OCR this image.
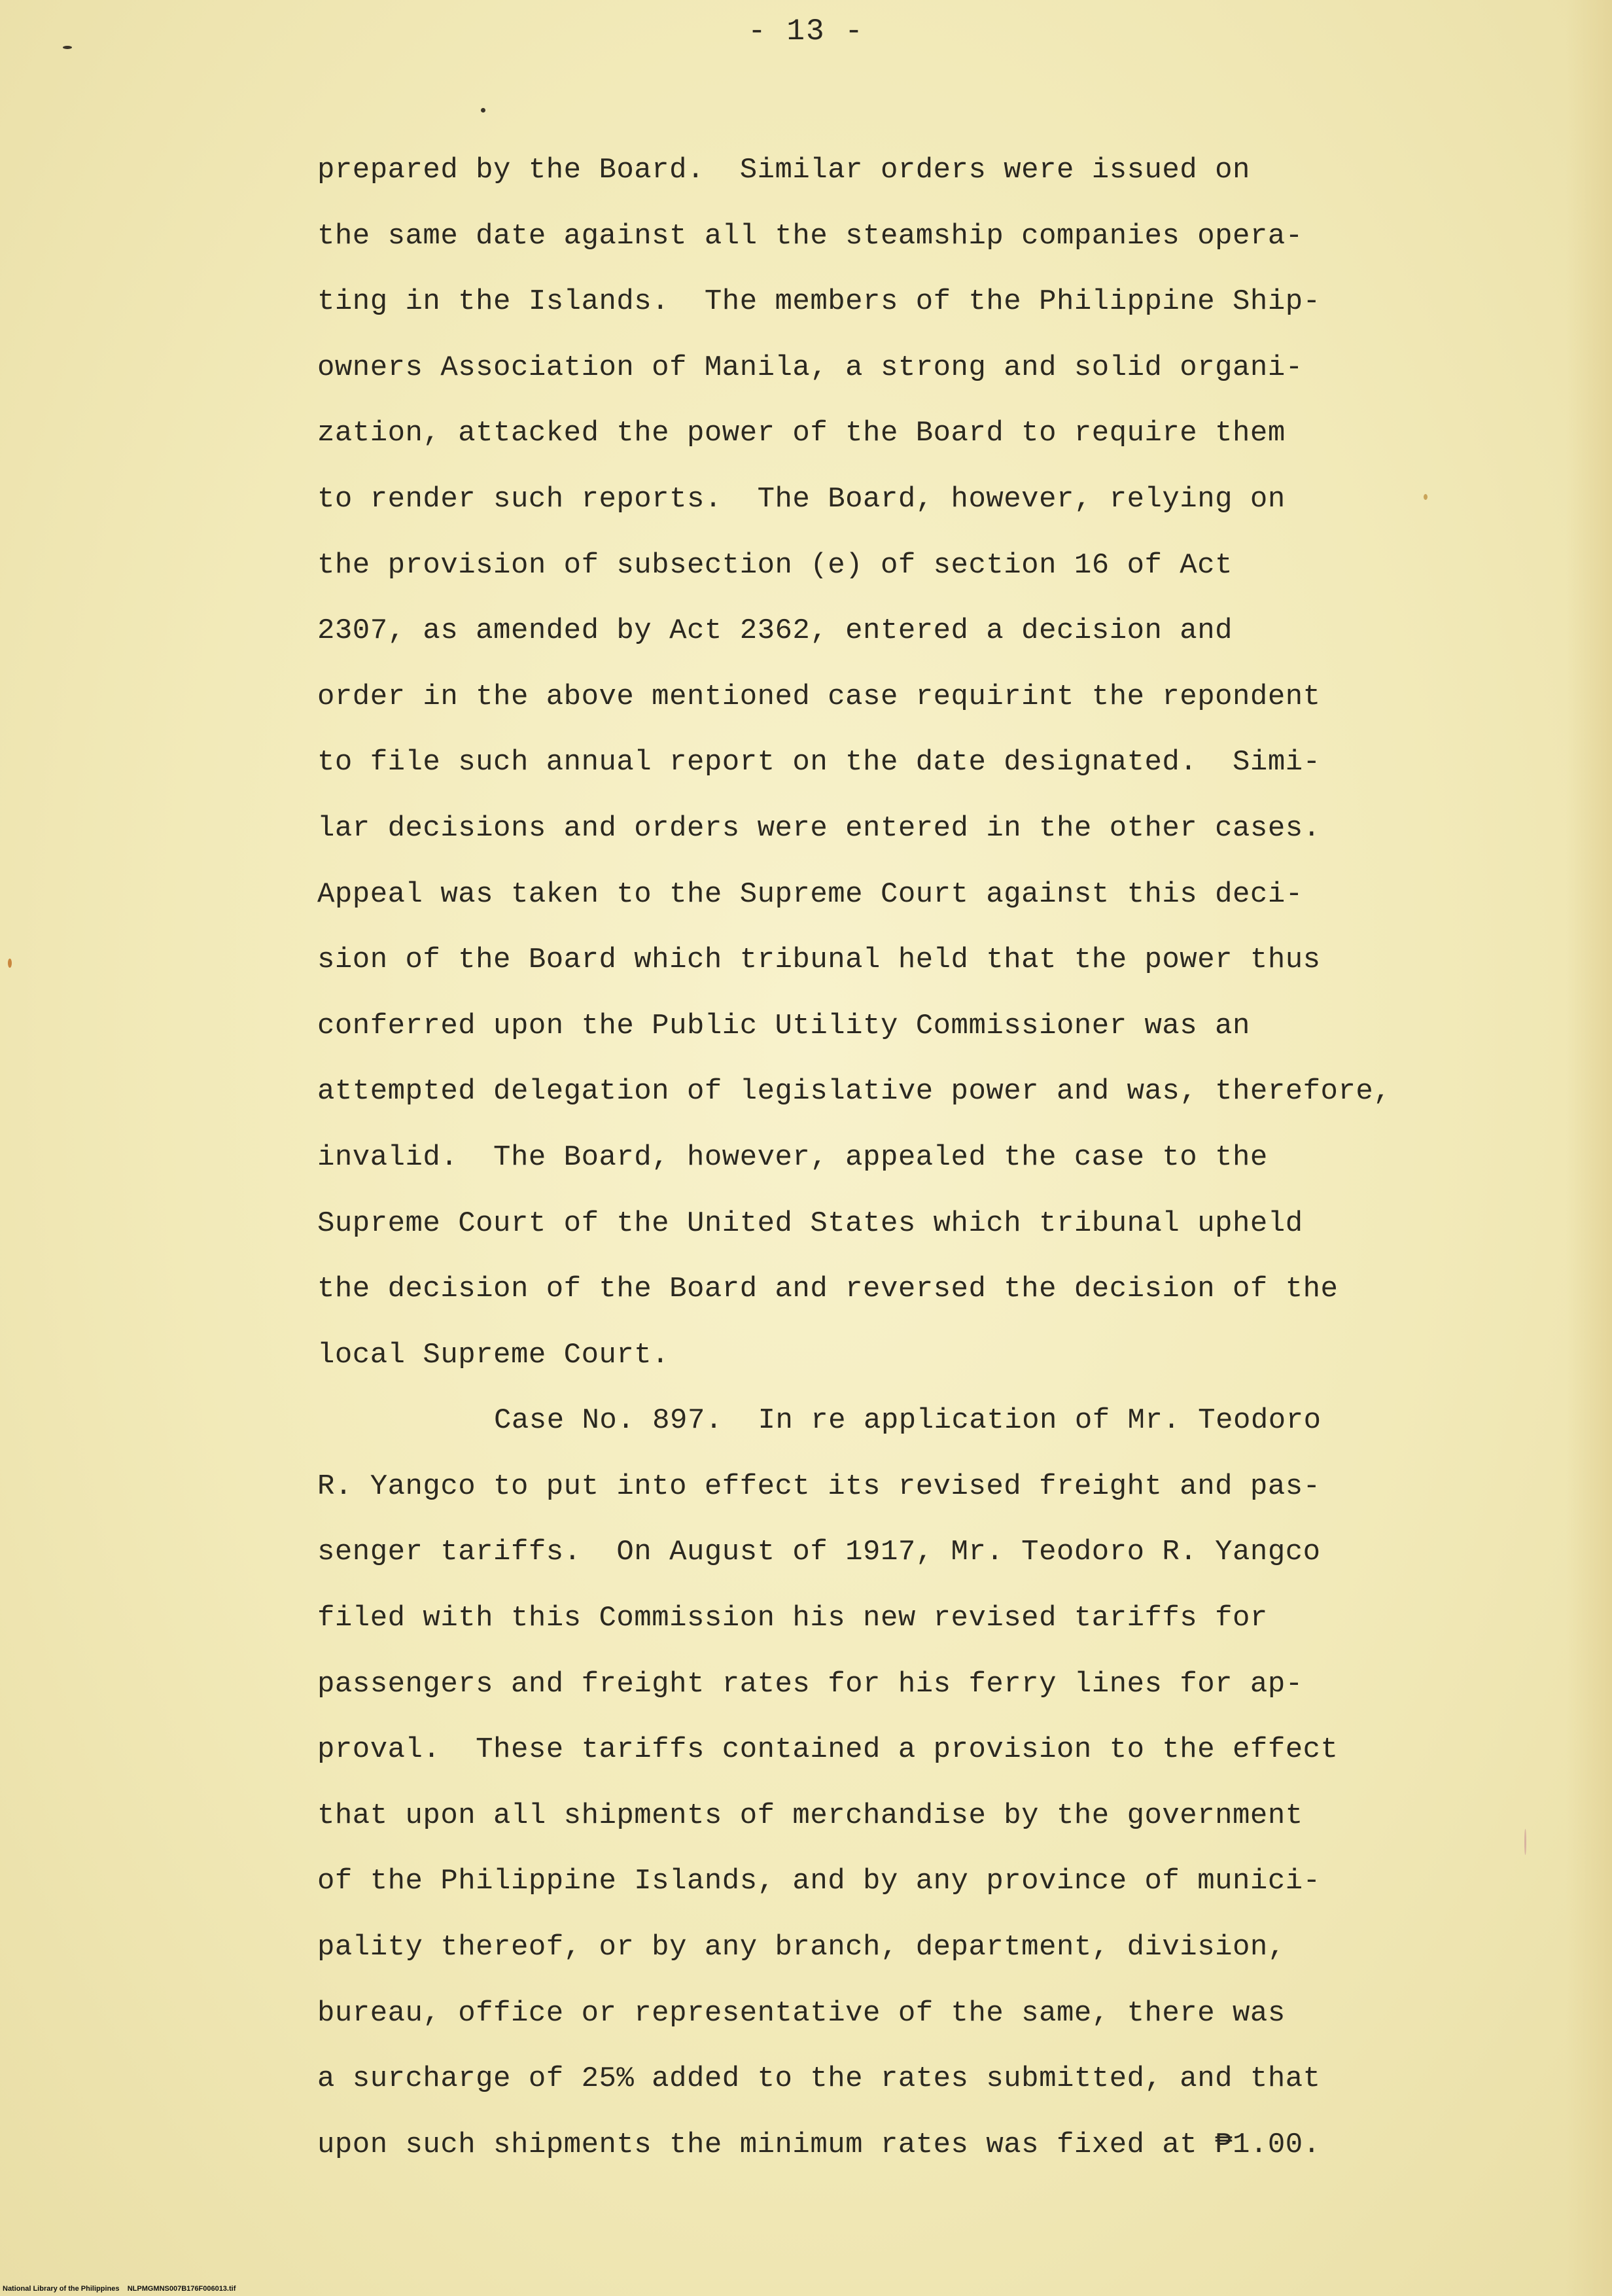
- 13 -
prepared by the Board.  Similar orders were issued on
the same date against all the steamship companies opera-
ting in the Islands.  The members of the Philippine Ship-
owners Association of Manila, a strong and solid organi-
zation, attacked the power of the Board to require them
to render such reports.  The Board, however, relying on
the provision of subsection (e) of section 16 of Act
2307, as amended by Act 2362, entered a decision and
order in the above mentioned case requirint the repondent
to file such annual report on the date designated.  Simi-
lar decisions and orders were entered in the other cases.
Appeal was taken to the Supreme Court against this deci-
sion of the Board which tribunal held that the power thus
conferred upon the Public Utility Commissioner was an
attempted delegation of legislative power and was, therefore,
invalid.  The Board, however, appealed the case to the
Supreme Court of the United States which tribunal upheld
the decision of the Board and reversed the decision of the
local Supreme Court.
Case No. 897.  In re application of Mr. Teodoro
R. Yangco to put into effect its revised freight and pas-
senger tariffs.  On August of 1917, Mr. Teodoro R. Yangco
filed with this Commission his new revised tariffs for
passengers and freight rates for his ferry lines for ap-
proval.  These tariffs contained a provision to the effect
that upon all shipments of merchandise by the government
of the Philippine Islands, and by any province of munici-
pality thereof, or by any branch, department, division,
bureau, office or representative of the same, there was
a surcharge of 25% added to the rates submitted, and that
upon such shipments the minimum rates was fixed at ₱1.00.
National Library of the Philippines    NLPMGMNS007B176F006013.tif
